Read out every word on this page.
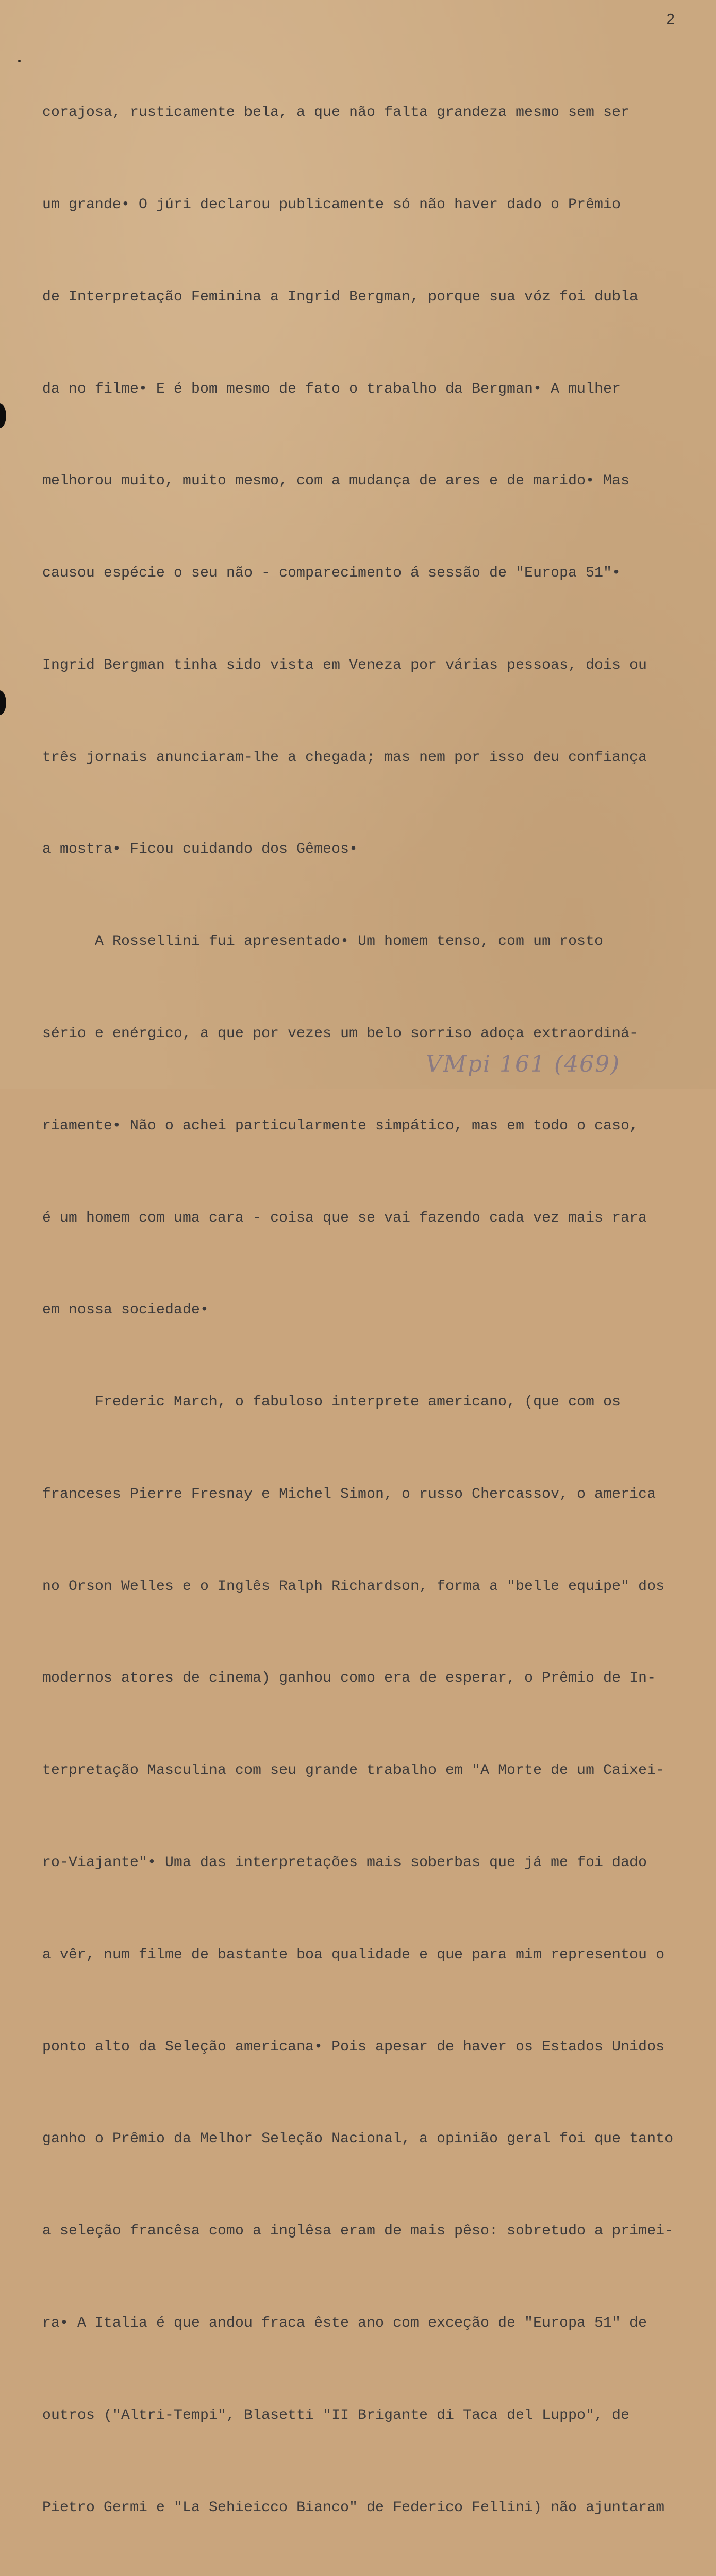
2

corajosa, rusticamente bela, a que não falta grandeza mesmo sem ser

um grande• O júri declarou publicamente só não haver dado o Prêmio

de Interpretação Feminina a Ingrid Bergman, porque sua vóz foi dubla

da no filme• E é bom mesmo de fato o trabalho da Bergman• A mulher

melhorou muito, muito mesmo, com a mudança de ares e de marido• Mas

causou espécie o seu não - comparecimento á sessão de "Europa 51"•

Ingrid Bergman tinha sido vista em Veneza por várias pessoas, dois ou

três jornais anunciaram-lhe a chegada; mas nem por isso deu confiança

a mostra• Ficou cuidando dos Gêmeos•

A Rossellini fui apresentado• Um homem tenso, com um rosto

sério e enérgico, a que por vezes um belo sorriso adoça extraordiná-

riamente• Não o achei particularmente simpático, mas em todo o caso,

é um homem com uma cara - coisa que se vai fazendo cada vez mais rara

em nossa sociedade•

Frederic March, o fabuloso interprete americano, (que com os

franceses Pierre Fresnay e Michel Simon, o russo Chercassov, o america

no Orson Welles e o Inglês Ralph Richardson, forma a "belle equipe" dos

modernos atores de cinema) ganhou como era de esperar, o Prêmio de In-

terpretação Masculina com seu grande trabalho em "A Morte de um Caixei-

ro-Viajante"• Uma das interpretações mais soberbas que já me foi dado

a vêr, num filme de bastante boa qualidade e que para mim representou o

ponto alto da Seleção americana• Pois apesar de haver os Estados Unidos

ganho o Prêmio da Melhor Seleção Nacional, a opinião geral foi que tanto

a seleção francêsa como a inglêsa eram de mais pêso: sobretudo a primei-

ra• A Italia é que andou fraca êste ano com exceção de "Europa 51" de

outros ("Altri-Tempi", Blasetti "II Brigante di Taca del Luppo", de

Pietro Germi e "La Sehieicco Bianco" de Federico Fellini) não ajuntaram

VMpi 161 (469)
